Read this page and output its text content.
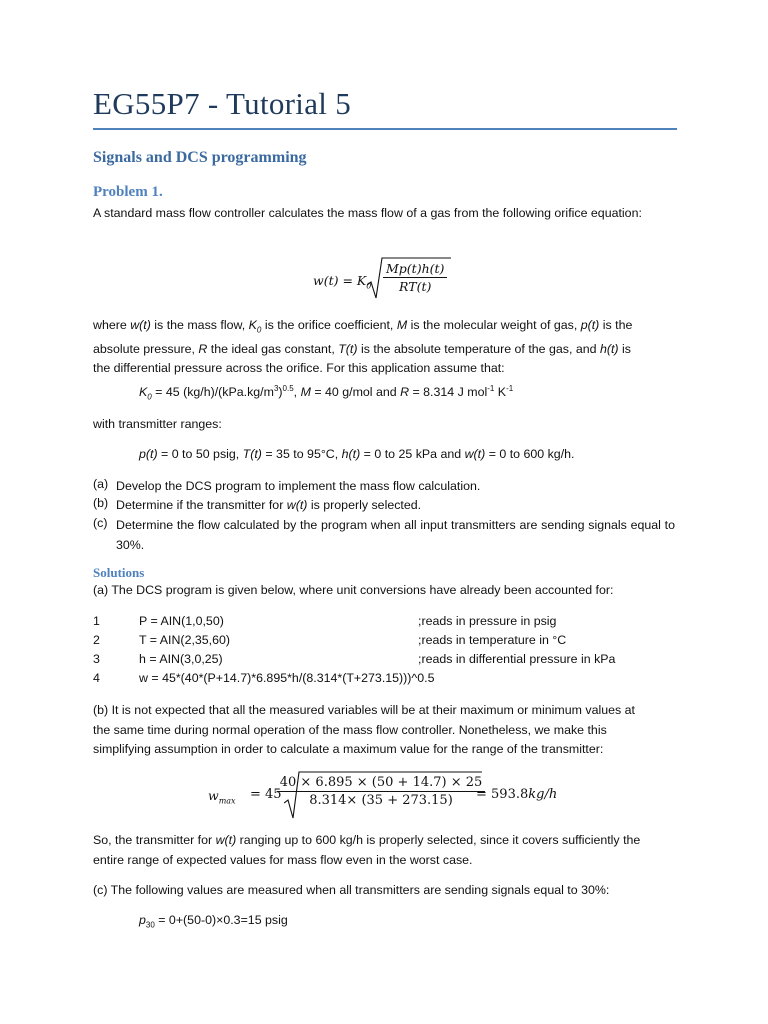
EG55P7 - Tutorial 5
Signals and DCS programming
Problem 1.
A standard mass flow controller calculates the mass flow of a gas from the following orifice equation:
$w(t) = K_0 \frac{Mp(t)h(t)}{RT(t)}$
where w(t) is the mass flow, $K_0$ is the orifice coefficient, M is the molecular weight of gas, p(t) is the
absolute pressure, R the ideal gas constant, T(t) is the absolute temperature of the gas, and h(t) is
the differential pressure across the orifice. For this application assume that:
$K_0 = 45$ $(kg/h)/(kPa.kg/m^3)^{0.5}$, M = 40 g/mol and R = 8.314 J mol$^{-1}$ $K^{-1}$
with transmitter ranges:
p(t) = 0 to 50 psig, T(t) = 35 to 95°C, h(t) = 0 to 25 kPa and w(t) = 0 to 600 kg/h.
(a) Develop the DCS program to implement the mass flow calculation.
(b) Determine if the transmitter for w(t) is properly selected.
(c) Determine the flow calculated by the program when all input transmitters are sending signals equal to 30%.
Solutions
(a) The DCS program is given below, where unit conversions have already been accounted for:
1	P = AIN(1,0,50)	;reads in pressure in psig
2	T = AIN(2,35,60)	;reads in temperature in °C
3	h = AIN(3,0,25)	;reads in differential pressure in kPa
4	w = 45*(40*(P+14.7)*6.895*h/(8.314*(T+273.15)))^0.5
(b) It is not expected that all the measured variables will be at their maximum or minimum values at
the same time during normal operation of the mass flow controller. Nonetheless, we make this
simplifying assumption in order to calculate a maximum value for the range of the transmitter:
$w_{max} = 45 \frac{40 \times 6.895 \times (50 + 14.7) \times 25}{8.314\times (35 + 273.15)} = 593.8kg/h$
So, the transmitter for w(t) ranging up to 600 kg/h is properly selected, since it covers sufficiently the
entire range of expected values for mass flow even in the worst case.
(c) The following values are measured when all transmitters are sending signals equal to 30%:
$p_{30} = 0+(50-0)\times 0.3=15$ psig
